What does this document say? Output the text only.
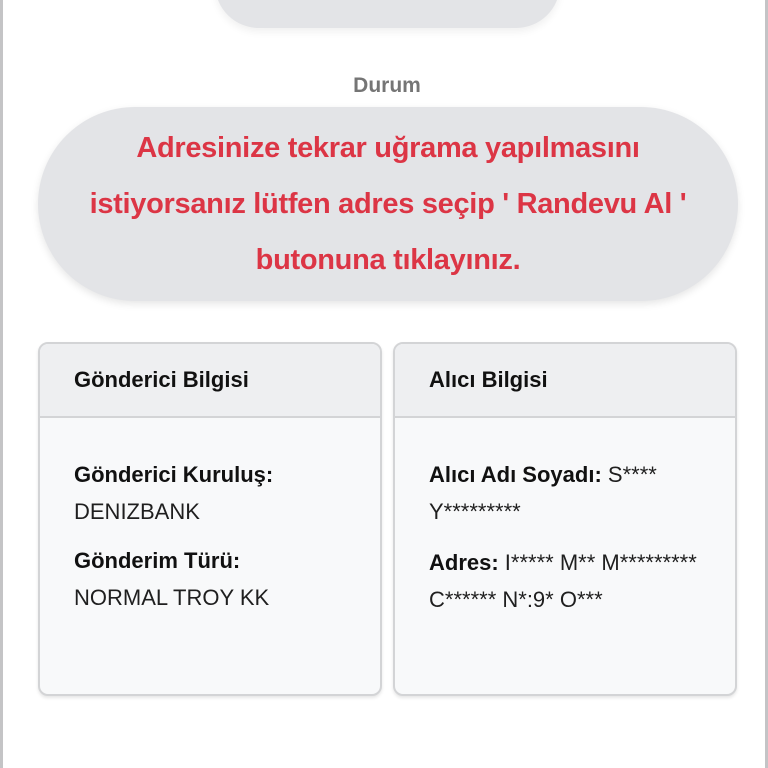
Durum
Adresinize tekrar uğrama yapılmasını istiyorsanız lütfen adres seçip ' Randevu Al ' butonuna tıklayınız.
Gönderici Bilgisi
Gönderici Kuruluş:
DENIZBANK
Gönderim Türü:
NORMAL TROY KK
Alıcı Bilgisi
Alıcı Adı Soyadı: S**** Y*********
Adres: I***** M** M********* C****** N*:9* O***
